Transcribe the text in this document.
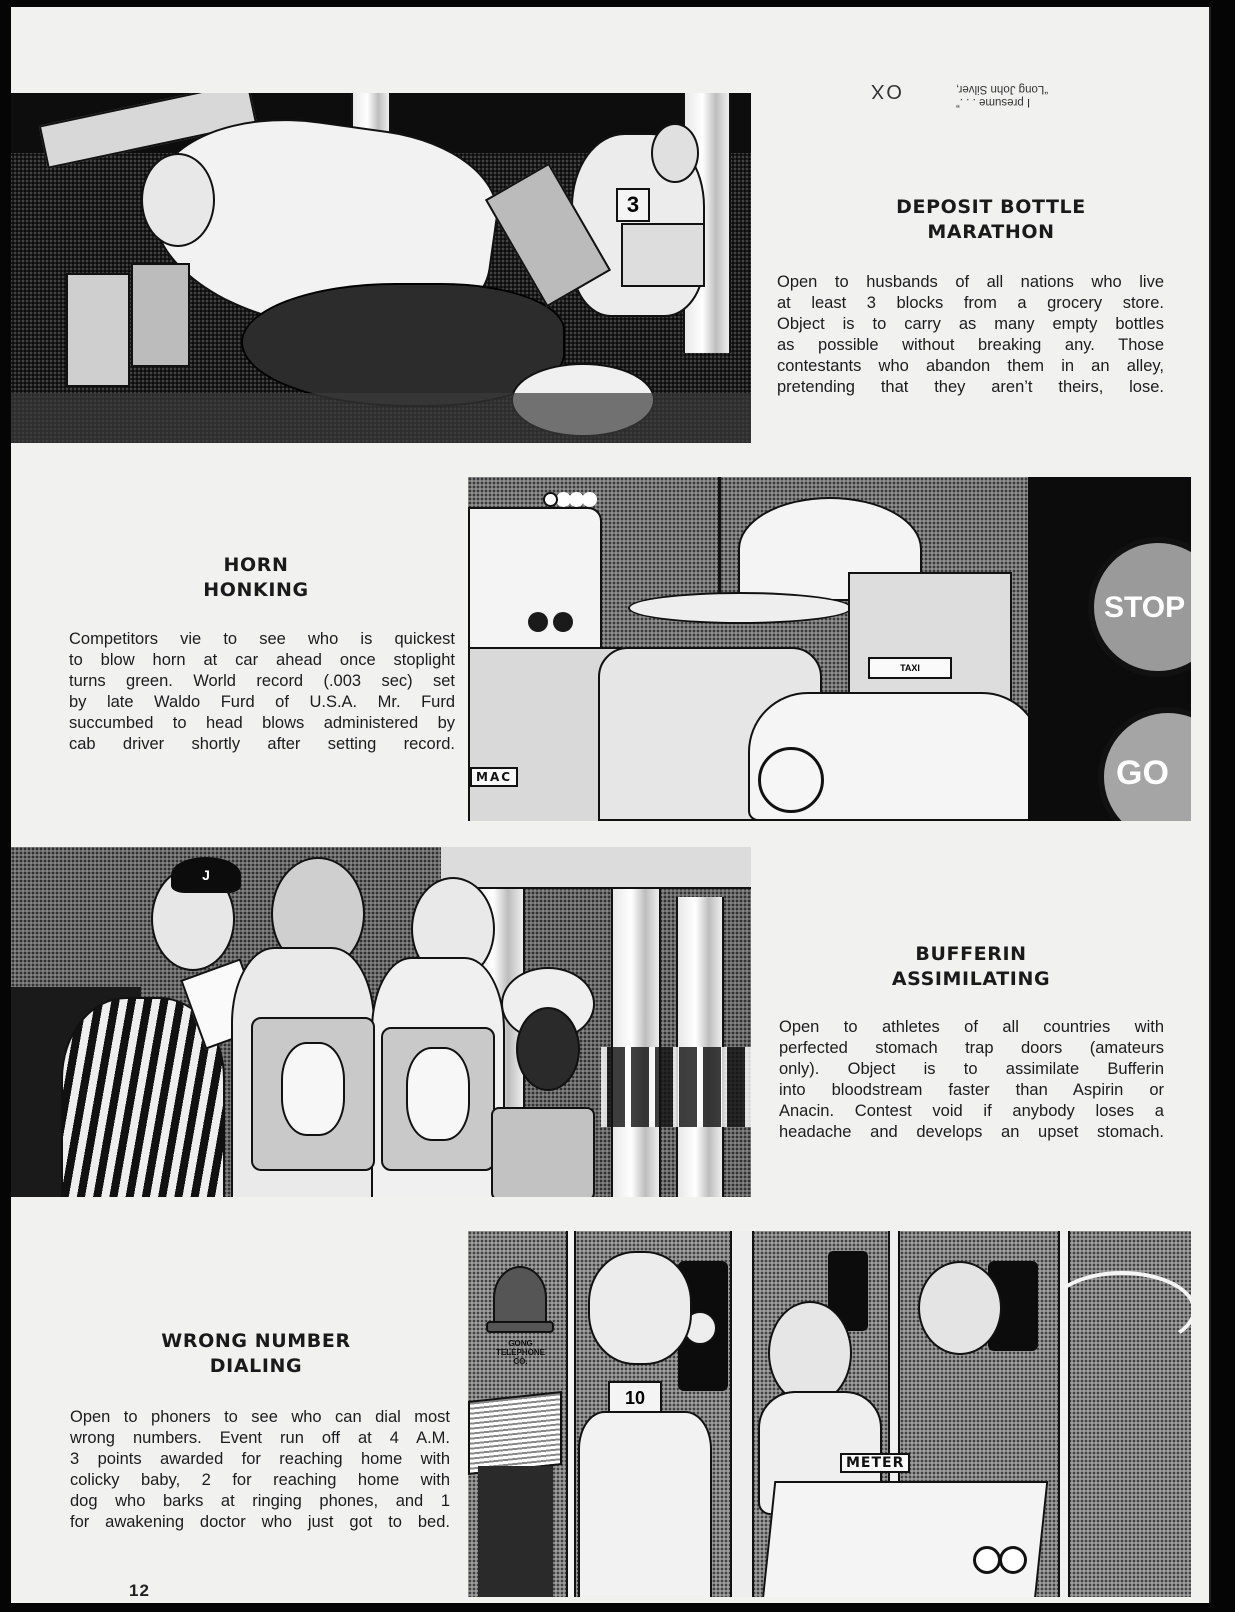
I presume . . .”
“Long John Silver,
OX
3	DEPOSIT BOTTLE
MARATHON
Open to husbands of all nations who live
at least 3 blocks from a grocery store.
Object is to carry as many empty bottles
as possible without breaking any. Those
contestants who abandon them in an alley,
pretending that they aren’t theirs, lose.
HORN
HONKING
Competitors vie to see who is quickest
to blow horn at car ahead once stoplight
turns green. World record (.003 sec) set
by late Waldo Furd of U.S.A. Mr. Furd
succumbed to head blows administered by
cab driver shortly after setting record.
MAC
TAXI
STOP
GO
J
BUFFERIN
ASSIMILATING
Open to athletes of all countries with
perfected stomach trap doors (amateurs
only). Object is to assimilate Bufferin
into bloodstream faster than Aspirin or
Anacin. Contest void if anybody loses a
headache and develops an upset stomach.
WRONG NUMBER
DIALING
Open to phoners to see who can dial most
wrong numbers. Event run off at 4 A.M.
3 points awarded for reaching home with
colicky baby, 2 for reaching home with
dog who barks at ringing phones, and 1
for awakening doctor who just got to bed.
GONG
TELEPHONE
CO.
10
METER
12
